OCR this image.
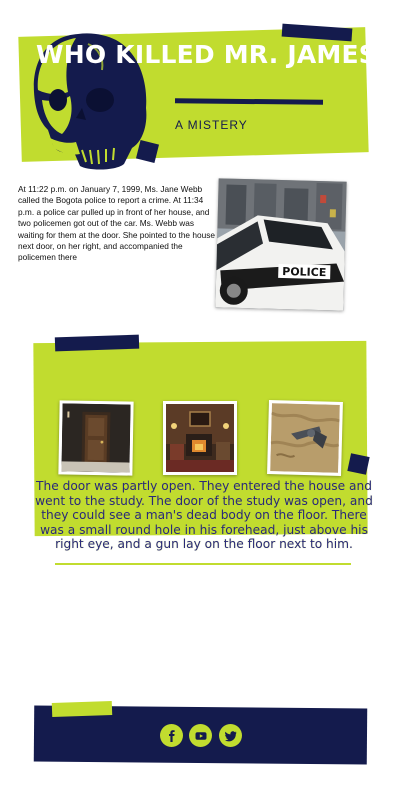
WHO KILLED MR. JAMES
A MISTERY
At 11:22 p.m. on January 7, 1999, Ms. Jane Webb called the Bogota police to report a crime. At 11:34 p.m. a police car pulled up in front of her house, and two policemen got out of the car. Ms. Webb was waiting for them at the door. She pointed to the house next door, on her right, and accompanied the policemen there
POLICE
The door was partly open. They entered the house and went to the study. The door of the study was open, and they could see a man's dead body on the floor. There was a small round hole in his forehead, just above his right eye, and a gun lay on the floor next to him.
